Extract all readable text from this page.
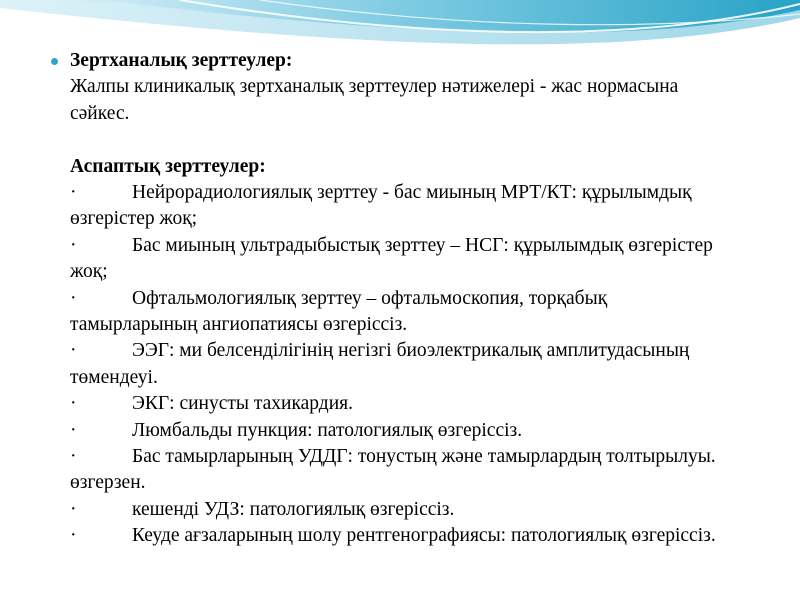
Зертханалық зерттеулер:

Жалпы клиникалық зертханалық зерттеулер нәтижелері - жас нормасына сәйкес.

Аспаптық зерттеулер:

·	Нейрорадиологиялық зерттеу - бас миының МРТ/КТ: құрылымдық өзгерістер жоқ;

·	Бас миының ультрадыбыстық зерттеу – НСГ: құрылымдық өзгерістер жоқ;

·	Офтальмологиялық зерттеу – офтальмоскопия, торқабық тамырларының ангиопатиясы өзгеріссіз.

·	ЭЭГ: ми белсенділігінің негізгі биоэлектрикалық амплитудасының төмендеуі.

·	ЭКГ: синусты тахикардия.

·	Люмбальды пункция: патологиялық өзгеріссіз.

·	Бас тамырларының УДДГ: тонустың және тамырлардың толтырылуы. өзгерзен.

·	кешенді УДЗ: патологиялық өзгеріссіз.

·	Кеуде ағзаларының шолу рентгенографиясы: патологиялық өзгеріссіз.
